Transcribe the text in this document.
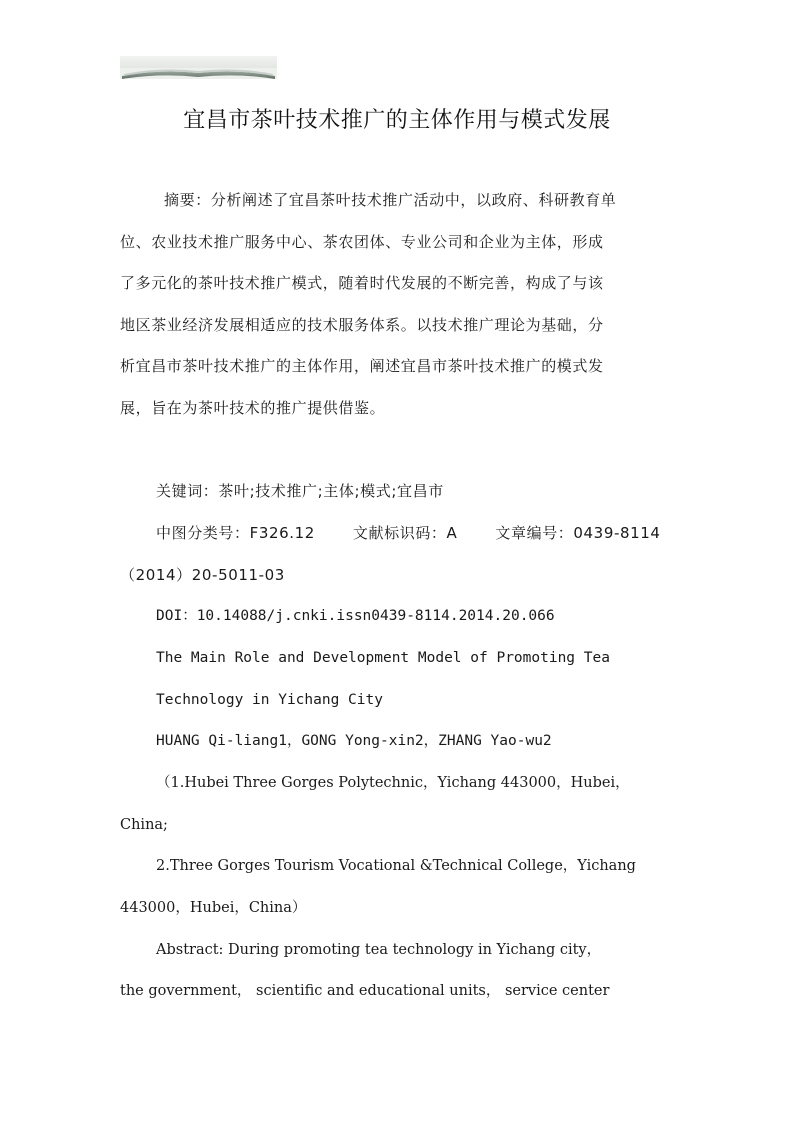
宜昌市茶叶技术推广的主体作用与模式发展
摘要：分析阐述了宜昌茶叶技术推广活动中，以政府、科研教育单
位、农业技术推广服务中心、茶农团体、专业公司和企业为主体，形成
了多元化的茶叶技术推广模式，随着时代发展的不断完善，构成了与该
地区茶业经济发展相适应的技术服务体系。以技术推广理论为基础，分
析宜昌市茶叶技术推广的主体作用，阐述宜昌市茶叶技术推广的模式发
展，旨在为茶叶技术的推广提供借鉴。
关键词：茶叶;技术推广;主体;模式;宜昌市
中图分类号：F326.12	文献标识码：A	文章编号：0439-8114
（2014）20-5011-03
DOI：10.14088/j.cnki.issn0439-8114.2014.20.066
The Main Role and Development Model of Promoting Tea
Technology in Yichang City
HUANG Qi-liang1，GONG Yong-xin2，ZHANG Yao-wu2
（1.Hubei Three Gorges Polytechnic，Yichang 443000，Hubei，
China;
2.Three Gorges Tourism Vocational &Technical College，Yichang
443000，Hubei，China）
Abstract: During promoting tea technology in Yichang city，
the government， scientific and educational units， service center
